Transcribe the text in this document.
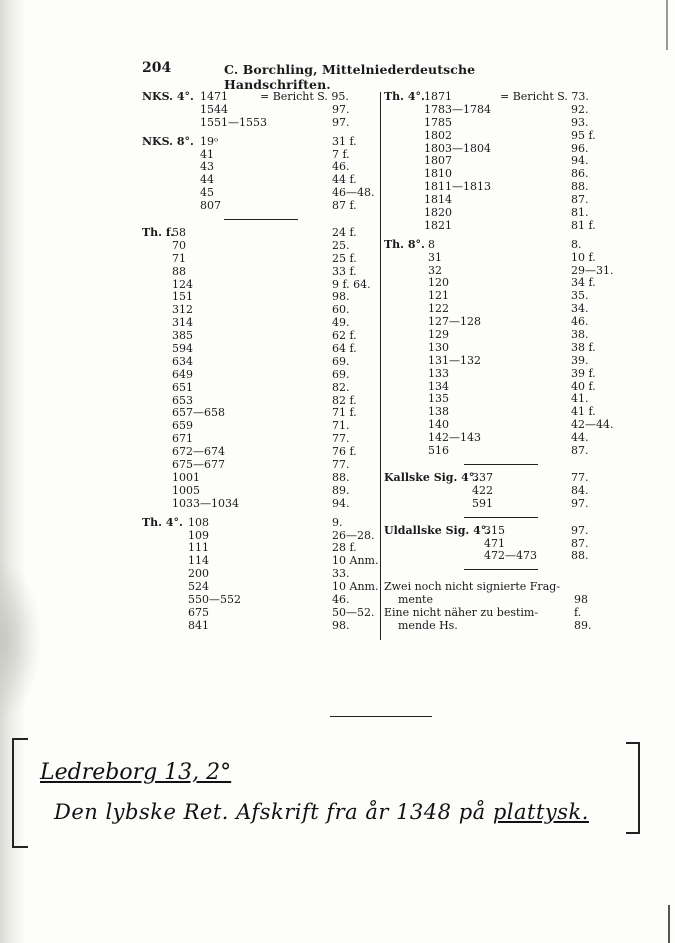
204	C. Borchling, Mittelniederdeutsche Handschriften.
NKS. 4°. 1471	= Bericht S. 95.
1544	97.
1551—1553	97.
NKS. 8°. 19ᵒ	31 f.
41	7 f.
43	46.
44	44 f.
45	46—48.
807	87 f.
Th. f.
58	24 f.
70	25.
71	25 f.
88	33 f.
124	9 f. 64.
151	98.
312	60.
314	49.
385	62 f.
594	64 f.
634	69.
649	69.
651	82.
653	82 f.
657—658	71 f.
659	71.
671	77.
672—674	76 f.
675—677	77.
1001	88.
1005	89.
1033—1034	94.
Th. 4°. 108	9.
109	26—28.
111	28 f.
114	10 Anm.
200	33.
524	10 Anm.
550—552	46.
675	50—52.
841	98.
Th. 4°. 1871	= Bericht S. 73.
1783—1784	92.
1785	93.
1802	95 f.
1803—1804	96.
1807	94.
1810	86.
1811—1813	88.
1814	87.
1820	81.
1821	81 f.
Th. 8°. 8	8.
31	10 f.
32	29—31.
120	34 f.
121	35.
122	34.
127—128	46.
129	38.
130	38 f.
131—132	39.
133	39 f.
134	40 f.
135	41.
138	41 f.
140	42—44.
142—143	44.
516	87.
Kallske Sig. 4°.
337	77.
422	84.
591	97.
Uldallske Sig. 4°.
315	97.
471	87.
472—473	88.
Zwei noch nicht signierte Frag-
mente	98 f.
Eine nicht näher zu bestim-
mende Hs.	89.
Ledreborg 13, 2°
Den lybske Ret. Afskrift fra år 1348 på plattysk.
